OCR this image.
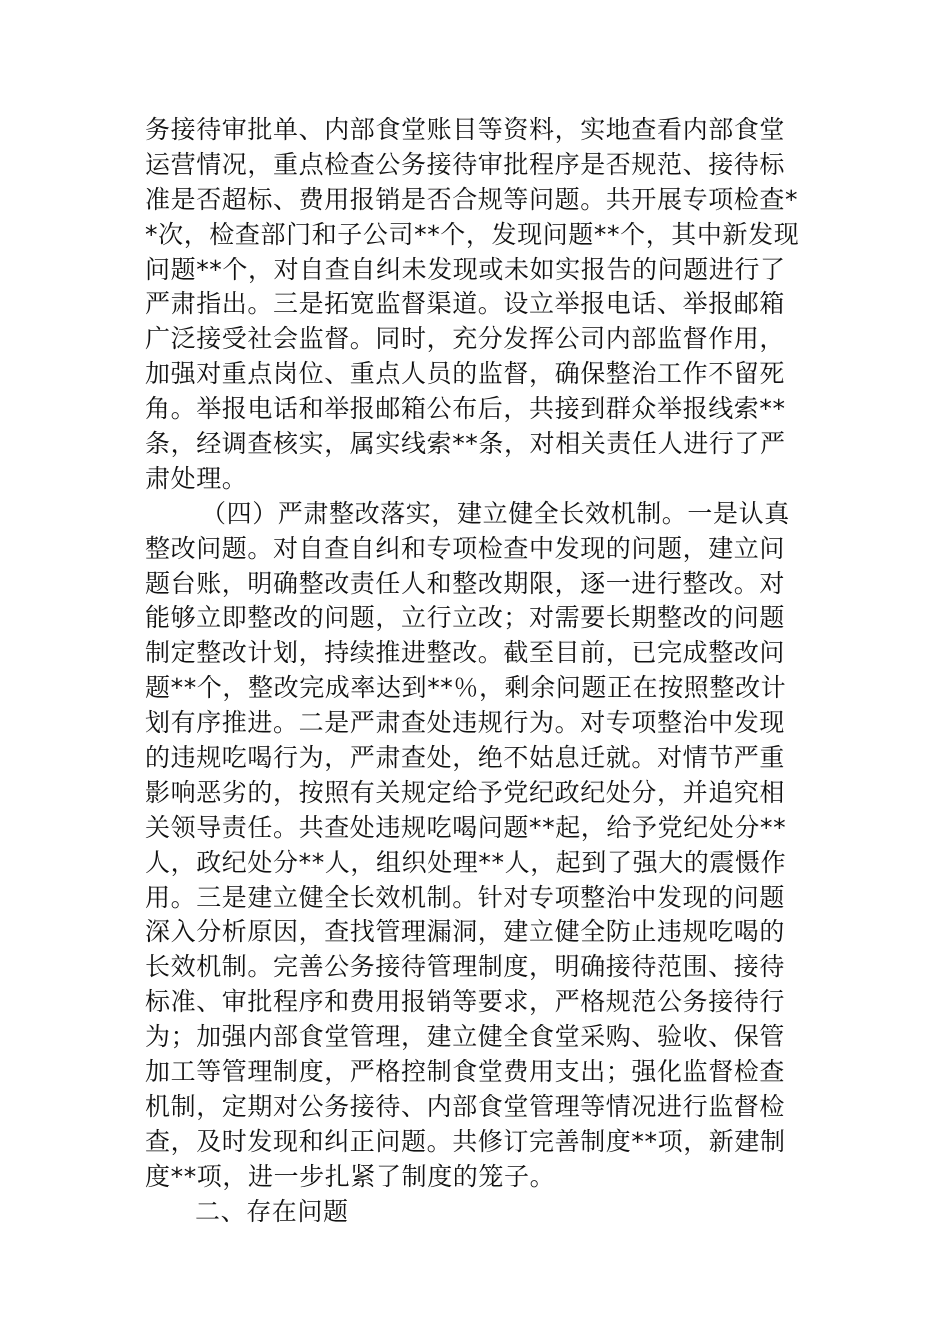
务接待审批单、内部食堂账目等资料，实地查看内部食堂
运营情况，重点检查公务接待审批程序是否规范、接待标
准是否超标、费用报销是否合规等问题。共开展专项检查*
*次，检查部门和子公司**个，发现问题**个，其中新发现
问题**个，对自查自纠未发现或未如实报告的问题进行了
严肃指出。三是拓宽监督渠道。设立举报电话、举报邮箱
广泛接受社会监督。同时，充分发挥公司内部监督作用，
加强对重点岗位、重点人员的监督，确保整治工作不留死
角。举报电话和举报邮箱公布后，共接到群众举报线索**
条，经调查核实，属实线索**条，对相关责任人进行了严
肃处理。
（四）严肃整改落实，建立健全长效机制。一是认真
整改问题。对自查自纠和专项检查中发现的问题，建立问
题台账，明确整改责任人和整改期限，逐一进行整改。对
能够立即整改的问题，立行立改；对需要长期整改的问题
制定整改计划，持续推进整改。截至目前，已完成整改问
题**个，整改完成率达到**％，剩余问题正在按照整改计
划有序推进。二是严肃查处违规行为。对专项整治中发现
的违规吃喝行为，严肃查处，绝不姑息迁就。对情节严重
影响恶劣的，按照有关规定给予党纪政纪处分，并追究相
关领导责任。共查处违规吃喝问题**起，给予党纪处分**
人，政纪处分**人，组织处理**人，起到了强大的震慑作
用。三是建立健全长效机制。针对专项整治中发现的问题
深入分析原因，查找管理漏洞，建立健全防止违规吃喝的
长效机制。完善公务接待管理制度，明确接待范围、接待
标准、审批程序和费用报销等要求，严格规范公务接待行
为；加强内部食堂管理，建立健全食堂采购、验收、保管
加工等管理制度，严格控制食堂费用支出；强化监督检查
机制，定期对公务接待、内部食堂管理等情况进行监督检
查，及时发现和纠正问题。共修订完善制度**项，新建制
度**项，进一步扎紧了制度的笼子。
二、存在问题
